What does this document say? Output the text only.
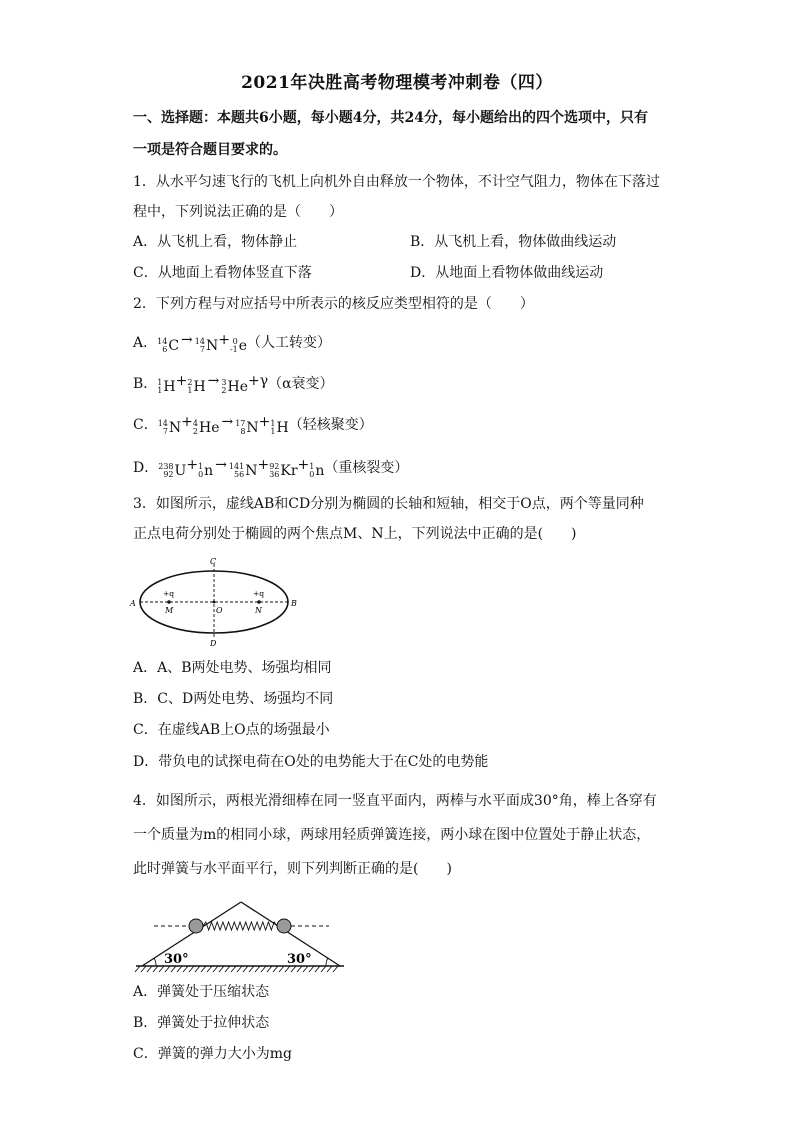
2021年决胜高考物理模考冲刺卷（四）
一、选择题：本题共6小题，每小题4分，共24分，每小题给出的四个选项中，只有
一项是符合题目要求的。
1．从水平匀速飞行的飞机上向机外自由释放一个物体，不计空气阻力，物体在下落过
程中，下列说法正确的是（　　）
A．从飞机上看，物体静止	B．从飞机上看，物体做曲线运动
C．从地面上看物体竖直下落	D．从地面上看物体做曲线运动
2．下列方程与对应括号中所表示的核反应类型相符的是（　　）
A． 14
6 C → 14
7 N + 0
-1 e （人工转变）
B． 1
1 H + 2
1 H → 3
2 He +γ （α衰变）
C． 14
7 N + 4
2 He → 17
8 N + 1
1 H （轻核聚变）
D． 238
92 U + 1
0 n → 141
56 N + 92
36 Kr + 1
0 n （重核裂变）
3．如图所示，虚线AB和CD分别为椭圆的长轴和短轴，相交于O点，两个等量同种
正点电荷分别处于椭圆的两个焦点M、N上，下列说法中正确的是(　　)
A	B
C
D
O
M	N
+q	+q
A．A、B两处电势、场强均相同
B．C、D两处电势、场强均不同
C．在虚线AB上O点的场强最小
D．带负电的试探电荷在O处的电势能大于在C处的电势能
4．如图所示，两根光滑细棒在同一竖直平面内，两棒与水平面成30°角，棒上各穿有
一个质量为m的相同小球，两球用轻质弹簧连接，两小球在图中位置处于静止状态，
此时弹簧与水平面平行，则下列判断正确的是(　　)
30°	30°
A．弹簧处于压缩状态
B．弹簧处于拉伸状态
C．弹簧的弹力大小为mg
